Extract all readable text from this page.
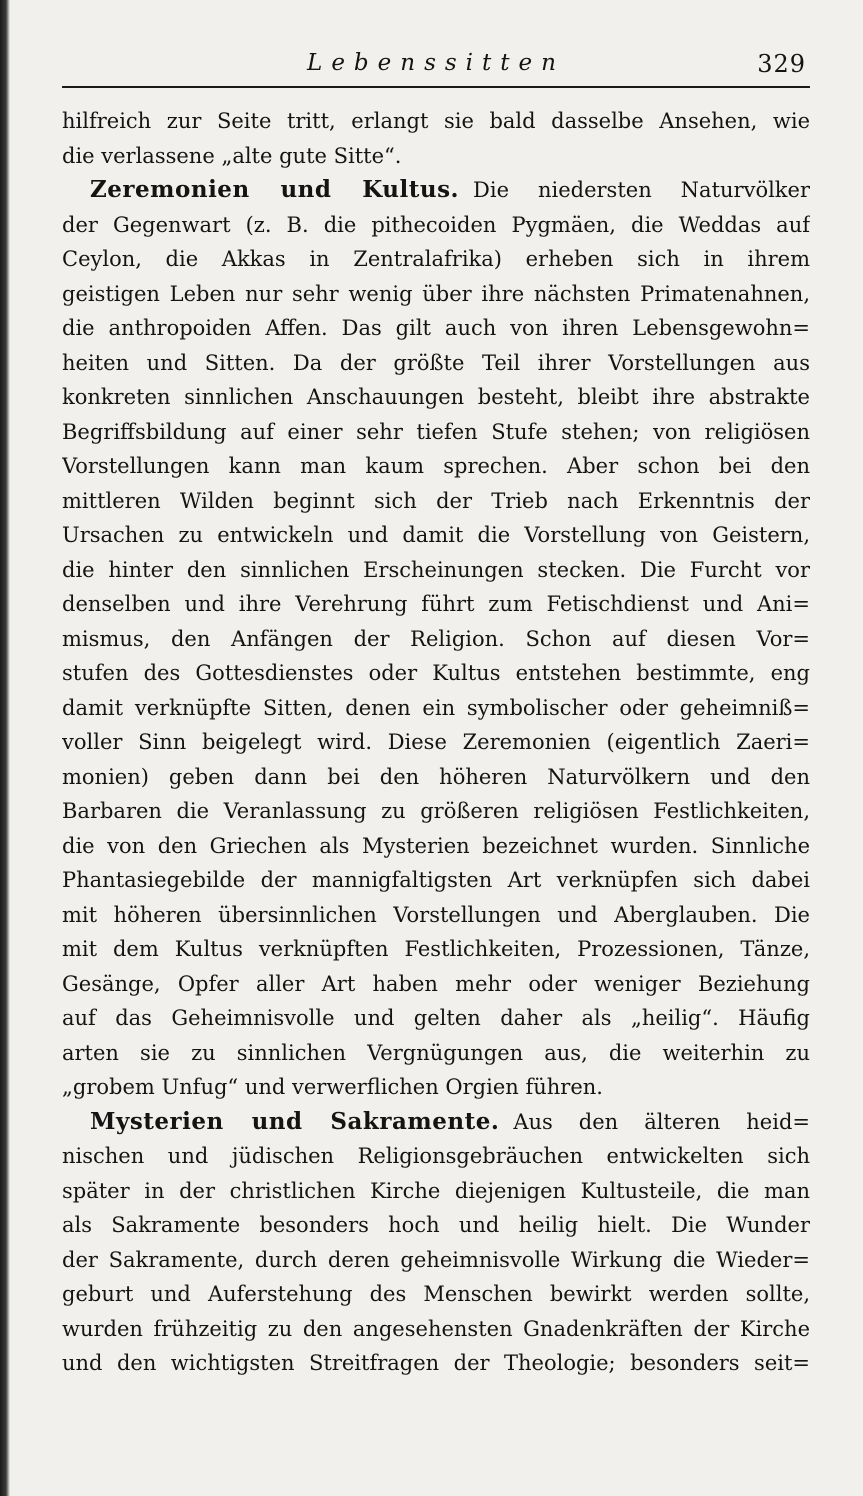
Lebenssitten	329
hilfreich zur Seite tritt, erlangt sie bald dasselbe Ansehen, wie
die verlassene „alte gute Sitte“.
Zeremonien und Kultus. Die niedersten Naturvölker
der Gegenwart (z. B. die pithecoiden Pygmäen, die Weddas auf
Ceylon, die Akkas in Zentralafrika) erheben sich in ihrem
geistigen Leben nur sehr wenig über ihre nächsten Primatenahnen,
die anthropoiden Affen. Das gilt auch von ihren Lebensgewohn=
heiten und Sitten. Da der größte Teil ihrer Vorstellungen aus
konkreten sinnlichen Anschauungen besteht, bleibt ihre abstrakte
Begriffsbildung auf einer sehr tiefen Stufe stehen; von religiösen
Vorstellungen kann man kaum sprechen. Aber schon bei den
mittleren Wilden beginnt sich der Trieb nach Erkenntnis der
Ursachen zu entwickeln und damit die Vorstellung von Geistern,
die hinter den sinnlichen Erscheinungen stecken. Die Furcht vor
denselben und ihre Verehrung führt zum Fetischdienst und Ani=
mismus, den Anfängen der Religion. Schon auf diesen Vor=
stufen des Gottesdienstes oder Kultus entstehen bestimmte, eng
damit verknüpfte Sitten, denen ein symbolischer oder geheimniß=
voller Sinn beigelegt wird. Diese Zeremonien (eigentlich Zaeri=
monien) geben dann bei den höheren Naturvölkern und den
Barbaren die Veranlassung zu größeren religiösen Festlichkeiten,
die von den Griechen als Mysterien bezeichnet wurden. Sinnliche
Phantasiegebilde der mannigfaltigsten Art verknüpfen sich dabei
mit höheren übersinnlichen Vorstellungen und Aberglauben. Die
mit dem Kultus verknüpften Festlichkeiten, Prozessionen, Tänze,
Gesänge, Opfer aller Art haben mehr oder weniger Beziehung
auf das Geheimnisvolle und gelten daher als „heilig“. Häufig
arten sie zu sinnlichen Vergnügungen aus, die weiterhin zu
„grobem Unfug“ und verwerflichen Orgien führen.
Mysterien und Sakramente. Aus den älteren heid=
nischen und jüdischen Religionsgebräuchen entwickelten sich
später in der christlichen Kirche diejenigen Kultusteile, die man
als Sakramente besonders hoch und heilig hielt. Die Wunder
der Sakramente, durch deren geheimnisvolle Wirkung die Wieder=
geburt und Auferstehung des Menschen bewirkt werden sollte,
wurden frühzeitig zu den angesehensten Gnadenkräften der Kirche
und den wichtigsten Streitfragen der Theologie; besonders seit=
